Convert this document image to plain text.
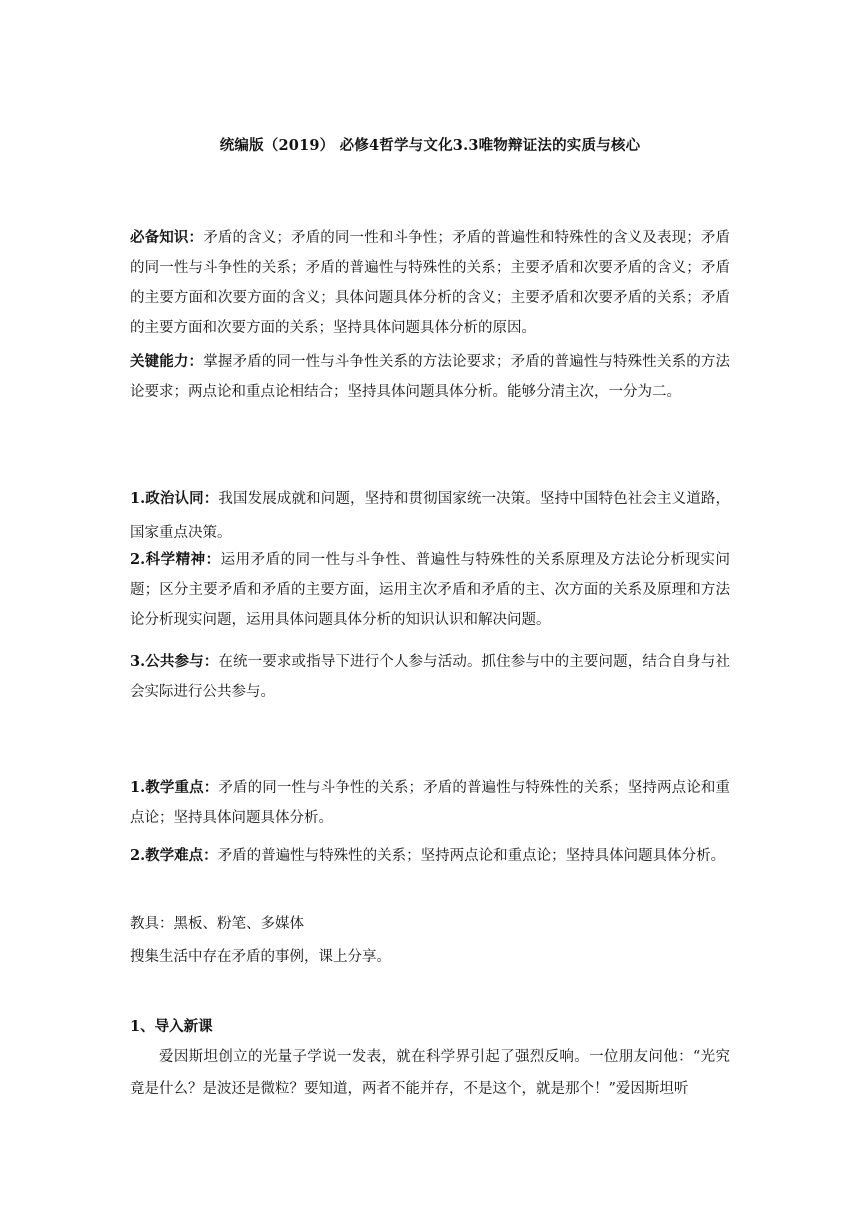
统编版（2019） 必修4哲学与文化3.3唯物辩证法的实质与核心

必备知识：矛盾的含义；矛盾的同一性和斗争性；矛盾的普遍性和特殊性的含义及表现；矛盾的同一性与斗争性的关系；矛盾的普遍性与特殊性的关系；主要矛盾和次要矛盾的含义；矛盾的主要方面和次要方面的含义；具体问题具体分析的含义；主要矛盾和次要矛盾的关系；矛盾的主要方面和次要方面的关系；坚持具体问题具体分析的原因。

关键能力：掌握矛盾的同一性与斗争性关系的方法论要求；矛盾的普遍性与特殊性关系的方法论要求；两点论和重点论相结合；坚持具体问题具体分析。能够分清主次，一分为二。

1.政治认同：我国发展成就和问题，坚持和贯彻国家统一决策。坚持中国特色社会主义道路，国家重点决策。

2.科学精神：运用矛盾的同一性与斗争性、普遍性与特殊性的关系原理及方法论分析现实问题；区分主要矛盾和矛盾的主要方面，运用主次矛盾和矛盾的主、次方面的关系及原理和方法论分析现实问题，运用具体问题具体分析的知识认识和解决问题。

3.公共参与：在统一要求或指导下进行个人参与活动。抓住参与中的主要问题，结合自身与社会实际进行公共参与。

1.教学重点：矛盾的同一性与斗争性的关系；矛盾的普遍性与特殊性的关系；坚持两点论和重点论；坚持具体问题具体分析。

2.教学难点：矛盾的普遍性与特殊性的关系；坚持两点论和重点论；坚持具体问题具体分析。

教具：黑板、粉笔、多媒体

搜集生活中存在矛盾的事例，课上分享。

1、导入新课

爱因斯坦创立的光量子学说一发表，就在科学界引起了强烈反响。一位朋友问他：“光究竟是什么？是波还是微粒？要知道，两者不能并存，不是这个，就是那个！”爱因斯坦听
